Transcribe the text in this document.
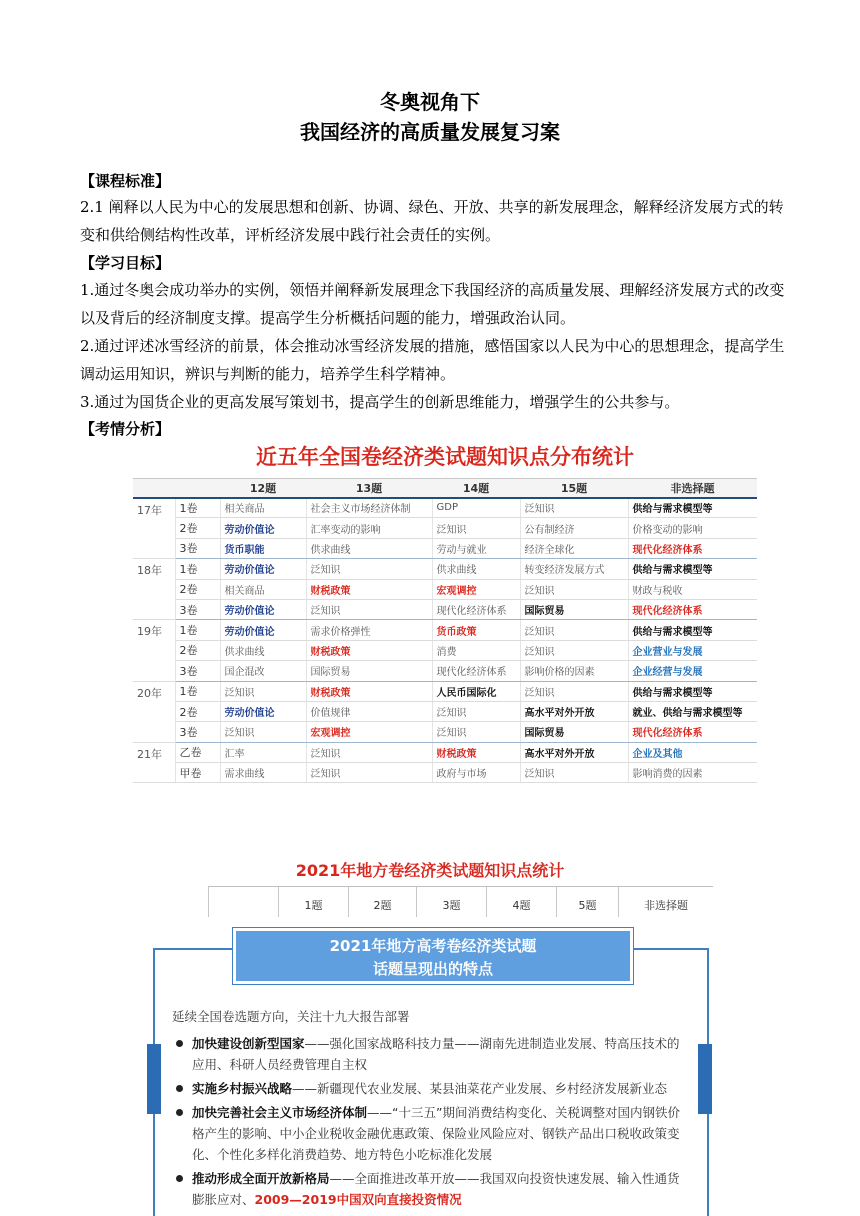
冬奥视角下
我国经济的高质量发展复习案
【课程标准】
2.1 阐释以人民为中心的发展思想和创新、协调、绿色、开放、共享的新发展理念，解释经济发展方式的转变和供给侧结构性改革，评析经济发展中践行社会责任的实例。
【学习目标】
1.通过冬奥会成功举办的实例，领悟并阐释新发展理念下我国经济的高质量发展、理解经济发展方式的改变以及背后的经济制度支撑。提高学生分析概括问题的能力，增强政治认同。
2.通过评述冰雪经济的前景，体会推动冰雪经济发展的措施，感悟国家以人民为中心的思想理念，提高学生调动运用知识，辨识与判断的能力，培养学生科学精神。
3.通过为国货企业的更高发展写策划书，提高学生的创新思维能力，增强学生的公共参与。
【考情分析】
近五年全国卷经济类试题知识点分布统计
		12题	13题	14题	15题	非选择题
17年	1卷	相关商品	社会主义市场经济体制	GDP	泛知识	供给与需求模型等
	2卷	劳动价值论	汇率变动的影响	泛知识	公有制经济	价格变动的影响
	3卷	货币职能	供求曲线	劳动与就业	经济全球化	现代化经济体系
18年	1卷	劳动价值论	泛知识	供求曲线	转变经济发展方式	供给与需求模型等
	2卷	相关商品	财税政策	宏观调控	泛知识	财政与税收
	3卷	劳动价值论	泛知识	现代化经济体系	国际贸易	现代化经济体系
19年	1卷	劳动价值论	需求价格弹性	货币政策	泛知识	供给与需求模型等
	2卷	供求曲线	财税政策	消费	泛知识	企业营业与发展
	3卷	国企混改	国际贸易	现代化经济体系	影响价格的因素	企业经营与发展
20年	1卷	泛知识	财税政策	人民币国际化	泛知识	供给与需求模型等
	2卷	劳动价值论	价值规律	泛知识	高水平对外开放	就业、供给与需求模型等
	3卷	泛知识	宏观调控	泛知识	国际贸易	现代化经济体系
21年	乙卷	汇率	泛知识	财税政策	高水平对外开放	企业及其他
	甲卷	需求曲线	泛知识	政府与市场	泛知识	影响消费的因素
2021年地方卷经济类试题知识点统计
1题	2题	3题	4题	5题	非选择题
2021年地方高考卷经济类试题
话题呈现出的特点
延续全国卷选题方向，关注十九大报告部署
加快建设创新型国家——强化国家战略科技力量——湖南先进制造业发展、特高压技术的应用、科研人员经费管理自主权
实施乡村振兴战略——新疆现代农业发展、某县油菜花产业发展、乡村经济发展新业态
加快完善社会主义市场经济体制——“十三五”期间消费结构变化、关税调整对国内钢铁价格产生的影响、中小企业税收金融优惠政策、保险业风险应对、钢铁产品出口税收政策变化、个性化多样化消费趋势、地方特色小吃标准化发展
推动形成全面开放新格局——全面推进改革开放——我国双向投资快速发展、输入性通货膨胀应对、2009—2019中国双向直接投资情况
